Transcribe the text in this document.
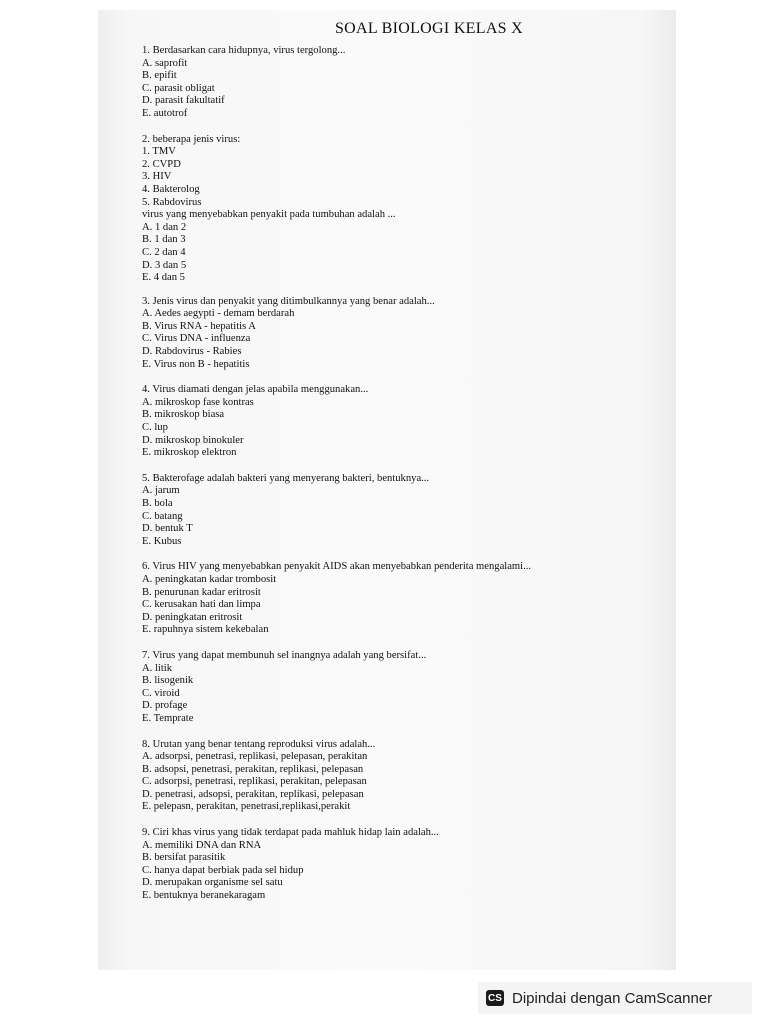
SOAL BIOLOGI KELAS X
1. Berdasarkan cara hidupnya, virus tergolong...
A. saprofit
B. epifit
C. parasit obligat
D. parasit fakultatif
E. autotrof
2. beberapa jenis virus:
1. TMV
2. CVPD
3. HIV
4. Bakterolog
5. Rabdovirus
virus yang menyebabkan penyakit pada tumbuhan adalah ...
A. 1 dan 2
B. 1 dan 3
C. 2 dan 4
D. 3 dan 5
E. 4 dan 5
3. Jenis virus dan penyakit yang ditimbulkannya yang benar adalah...
A. Aedes aegypti - demam berdarah
B. Virus RNA - hepatitis A
C. Virus DNA - influenza
D. Rabdovirus - Rabies
E. Virus non B - hepatitis
4. Virus diamati dengan jelas apabila menggunakan...
A. mikroskop fase kontras
B. mikroskop biasa
C. lup
D. mikroskop binokuler
E. mikroskop elektron
5. Bakterofage adalah bakteri yang menyerang bakteri, bentuknya...
A. jarum
B. bola
C. batang
D. bentuk T
E. Kubus
6. Virus HIV yang menyebabkan penyakit AIDS akan menyebabkan penderita mengalami...
A. peningkatan kadar trombosit
B. penurunan kadar eritrosit
C. kerusakan hati dan limpa
D. peningkatan eritrosit
E. rapuhnya sistem kekebalan
7. Virus yang dapat membunuh sel inangnya adalah yang bersifat...
A. litik
B. lisogenik
C. viroid
D. profage
E. Temprate
8. Urutan yang benar tentang reproduksi virus adalah...
A. adsorpsi, penetrasi, replikasi, pelepasan, perakitan
B. adsopsi, penetrasi, perakitan, replikasi, pelepasan
C. adsorpsi, penetrasi, replikasi, perakitan, pelepasan
D. penetrasi, adsopsi, perakitan, replikasi, pelepasan
E. pelepasn, perakitan, penetrasi,replikasi,perakit
9. Ciri khas virus yang tidak terdapat pada mahluk hidap lain adalah...
A. memiliki DNA dan RNA
B. bersifat parasitik
C. hanya dapat berbiak pada sel hidup
D. merupakan organisme sel satu
E. bentuknya beranekaragam
CS Dipindai dengan CamScanner
